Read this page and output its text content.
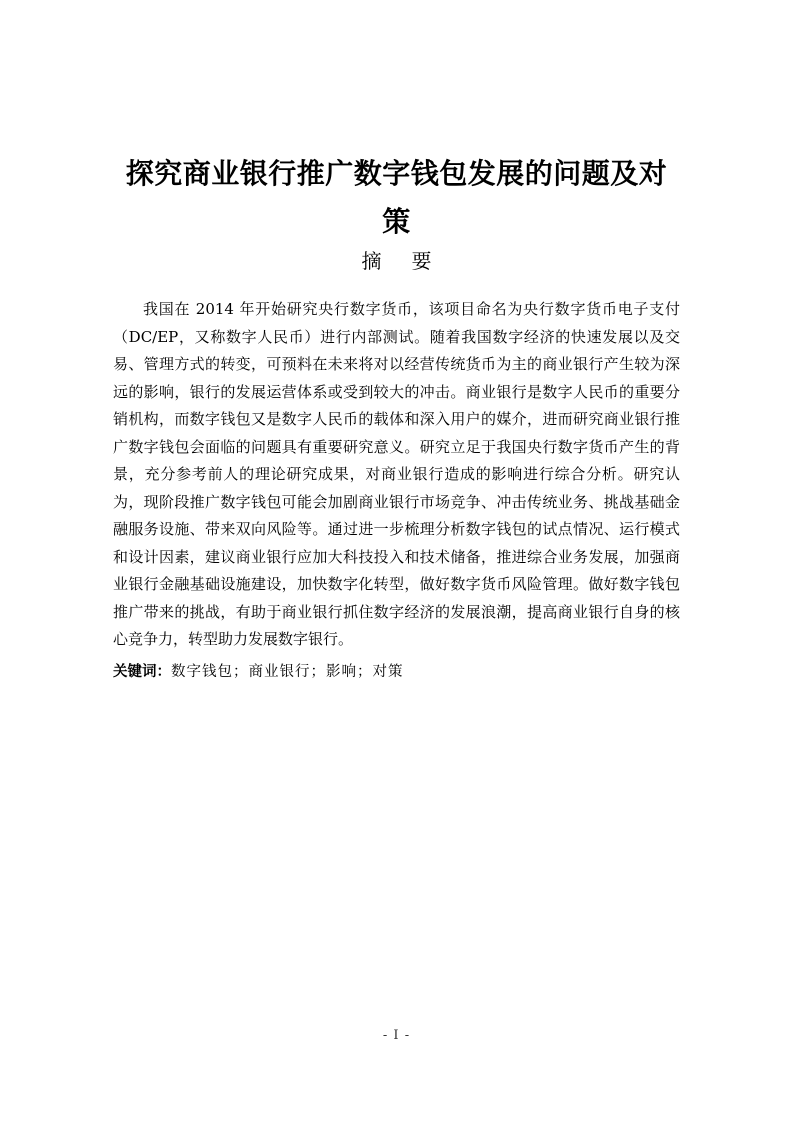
探究商业银行推广数字钱包发展的问题及对策
摘要

我国在 2014 年开始研究央行数字货币，该项目命名为央行数字货币电子支付（DC/EP，又称数字人民币）进行内部测试。随着我国数字经济的快速发展以及交易、管理方式的转变，可预料在未来将对以经营传统货币为主的商业银行产生较为深远的影响，银行的发展运营体系或受到较大的冲击。商业银行是数字人民币的重要分销机构，而数字钱包又是数字人民币的载体和深入用户的媒介，进而研究商业银行推广数字钱包会面临的问题具有重要研究意义。研究立足于我国央行数字货币产生的背景，充分参考前人的理论研究成果，对商业银行造成的影响进行综合分析。研究认为，现阶段推广数字钱包可能会加剧商业银行市场竞争、冲击传统业务、挑战基础金融服务设施、带来双向风险等。通过进一步梳理分析数字钱包的试点情况、运行模式和设计因素，建议商业银行应加大科技投入和技术储备，推进综合业务发展，加强商业银行金融基础设施建设，加快数字化转型，做好数字货币风险管理。做好数字钱包推广带来的挑战，有助于商业银行抓住数字经济的发展浪潮，提高商业银行自身的核心竞争力，转型助力发展数字银行。

关键词：数字钱包；商业银行；影响；对策

- I -
